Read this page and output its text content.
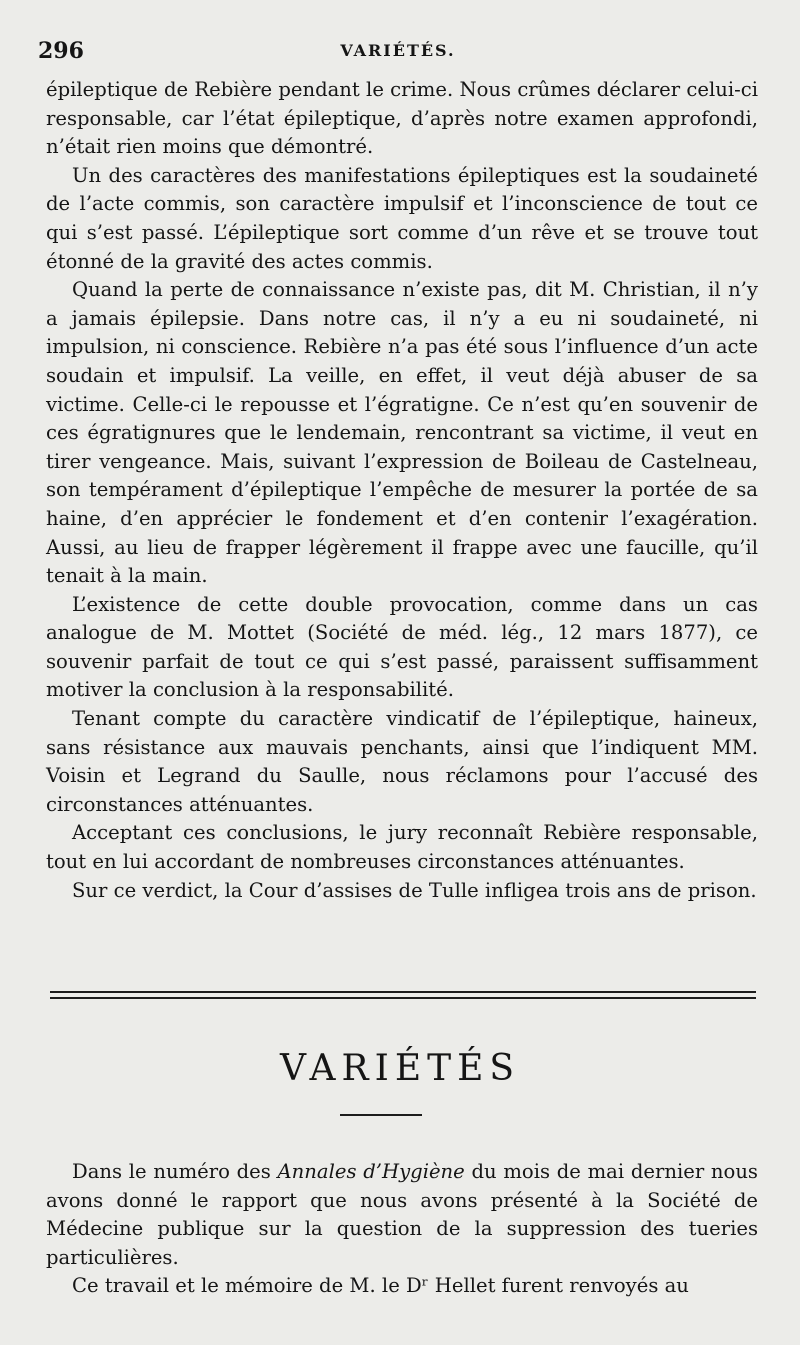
296	VARIÉTÉS.

épileptique de Rebière pendant le crime. Nous crûmes déclarer celui-ci responsable, car l’état épileptique, d’après notre examen approfondi, n’était rien moins que démontré.

Un des caractères des manifestations épileptiques est la soudaineté de l’acte commis, son caractère impulsif et l’inconscience de tout ce qui s’est passé. L’épileptique sort comme d’un rêve et se trouve tout étonné de la gravité des actes commis.

Quand la perte de connaissance n’existe pas, dit M. Christian, il n’y a jamais épilepsie. Dans notre cas, il n’y a eu ni soudaineté, ni impulsion, ni conscience. Rebière n’a pas été sous l’influence d’un acte soudain et impulsif. La veille, en effet, il veut déjà abuser de sa victime. Celle-ci le repousse et l’égratigne. Ce n’est qu’en souvenir de ces égratignures que le lendemain, rencontrant sa victime, il veut en tirer vengeance. Mais, suivant l’expression de Boileau de Castelneau, son tempérament d’épileptique l’empêche de mesurer la portée de sa haine, d’en apprécier le fondement et d’en contenir l’exagération. Aussi, au lieu de frapper légèrement il frappe avec une faucille, qu’il tenait à la main.

L’existence de cette double provocation, comme dans un cas analogue de M. Mottet (Société de méd. lég., 12 mars 1877), ce souvenir parfait de tout ce qui s’est passé, paraissent suffisamment motiver la conclusion à la responsabilité.

Tenant compte du caractère vindicatif de l’épileptique, haineux, sans résistance aux mauvais penchants, ainsi que l’indiquent MM. Voisin et Legrand du Saulle, nous réclamons pour l’accusé des circonstances atténuantes.

Acceptant ces conclusions, le jury reconnaît Rebière responsable, tout en lui accordant de nombreuses circonstances atténuantes.

Sur ce verdict, la Cour d’assises de Tulle infligea trois ans de prison.

VARIÉTÉS

Dans le numéro des Annales d’Hygiène du mois de mai dernier nous avons donné le rapport que nous avons présenté à la Société de Médecine publique sur la question de la suppression des tueries particulières.

Ce travail et le mémoire de M. le Dʳ Hellet furent renvoyés au
